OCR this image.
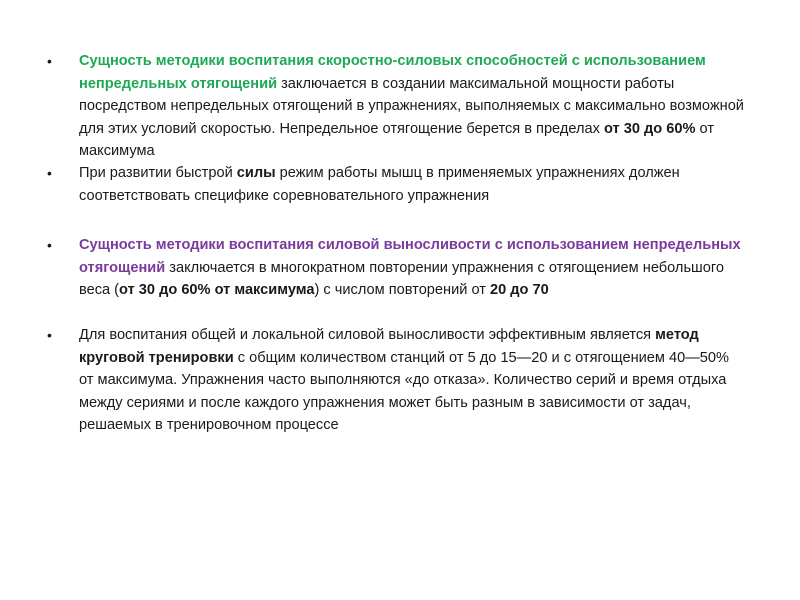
• Сущность методики воспитания скоростно-силовых способностей с использованием непредельных отягощений заключается в создании максимальной мощности работы посредством непредельных отягощений в упражнениях, выполняемых с максимально возможной для этих условий скоростью. Непредельное отягощение берется в пределах от 30 до 60% от максимума
• При развитии быстрой силы режим работы мышц в применяемых упражнениях должен соответствовать специфике соревновательного упражнения
• Сущность методики воспитания силовой выносливости с использованием непредельных отягощений заключается в многократном повторении упражнения с отягощением небольшого веса (от 30 до 60% от максимума) с числом повторений от 20 до 70
• Для воспитания общей и локальной силовой выносливости эффективным является метод круговой тренировки с общим количеством станций от 5 до 15—20 и с отягощением 40—50% от максимума. Упражнения часто выполняются «до отказа». Количество серий и время отдыха между сериями и после каждого упражнения может быть разным в зависимости от задач, решаемых в тренировочном процессе
